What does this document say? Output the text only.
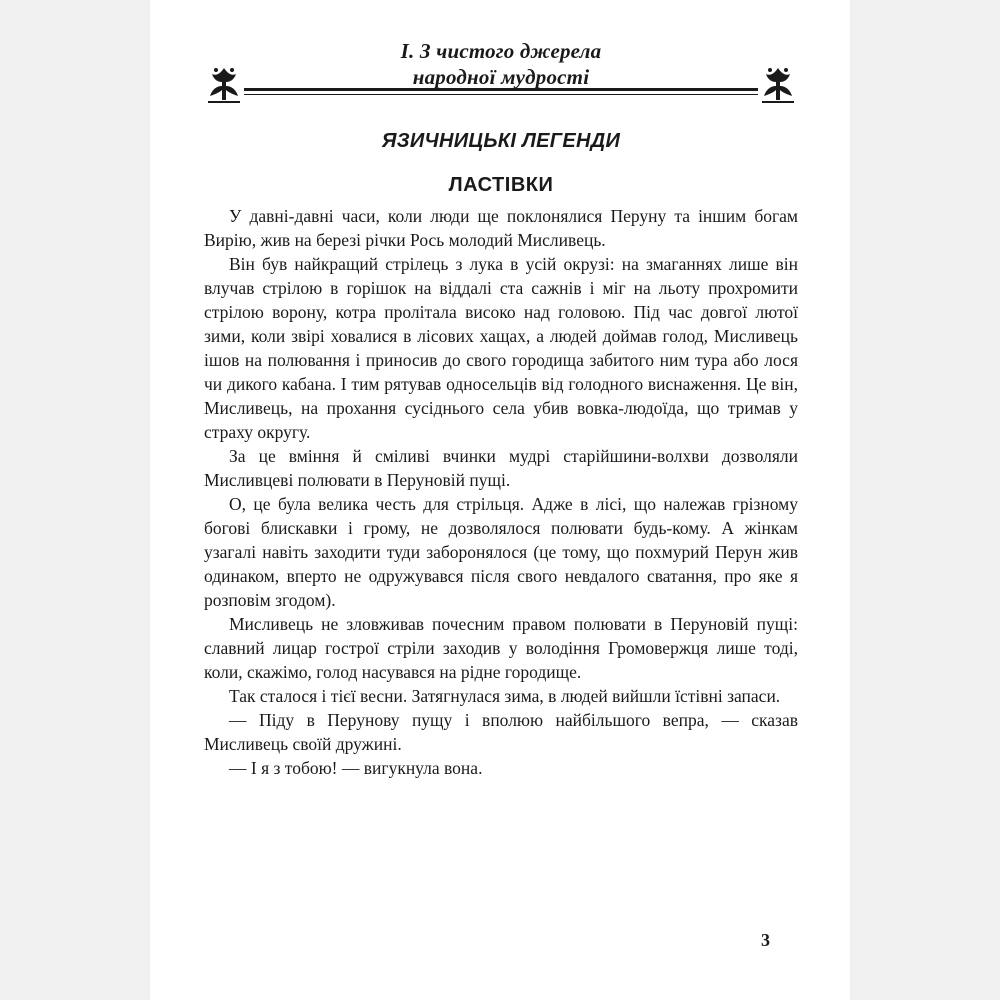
І. З чистого джерела
народної мудрості
ЯЗИЧНИЦЬКІ ЛЕГЕНДИ
ЛАСТІВКИ

У давні-давні часи, коли люди ще поклонялися Перуну та іншим богам Вирію, жив на березі річки Рось молодий Мисливець.

Він був найкращий стрілець з лука в усій окрузі: на змаганнях лише він влучав стрілою в горішок на віддалі ста сажнів і міг на льоту прохромити стрілою ворону, котра пролітала високо над головою. Під час довгої лютої зими, коли звірі ховалися в лісових хащах, а людей доймав голод, Мисливець ішов на полювання і приносив до свого городища забитого ним тура або лося чи дикого кабана. І тим рятував односельців від голодного виснаження. Це він, Мисливець, на прохання сусіднього села убив вовка-людоїда, що тримав у страху округу.

За це вміння й сміливі вчинки мудрі старійшини-волхви дозволяли Мисливцеві полювати в Перуновій пущі.

О, це була велика честь для стрільця. Адже в лісі, що належав грізному богові блискавки і грому, не дозволялося полювати будь-кому. А жінкам узагалі навіть заходити туди заборонялося (це тому, що похмурий Перун жив одинаком, вперто не одружувався після свого невдалого сватання, про яке я розповім згодом).

Мисливець не зловживав почесним правом полювати в Перуновій пущі: славний лицар гострої стріли заходив у володіння Громовержця лише тоді, коли, скажімо, голод насувався на рідне городище.

Так сталося і тієї весни. Затягнулася зима, в людей вийшли їстівні запаси.

— Піду в Перунову пущу і вполюю найбільшого вепра, — сказав Мисливець своїй дружині.

— І я з тобою! — вигукнула вона.

3
